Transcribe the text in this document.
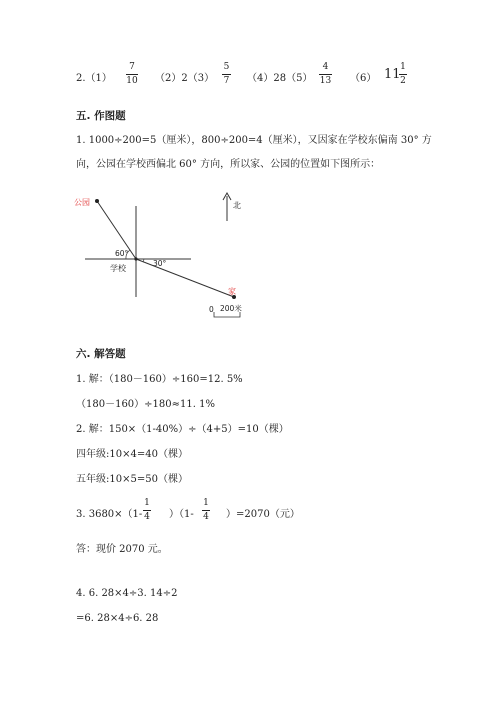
2.（1）
7
10 （2）2（3）
5
7 （4）28（5）
4
13 （6） 11 1
2
五. 作图题
1. 1000÷200=5（厘米），800÷200=4（厘米），又因家在学校东偏南 30° 方
向，公园在学校西偏北 60° 方向，所以家、公园的位置如下图所示：
公园
60°
30°
学校
家
北
0 200米
六. 解答题
1. 解：（180－160）÷160=12. 5%
（180－160）÷180≈11. 1%
2. 解：150×（1-40%）÷（4+5）=10（棵）
四年级:10×4=40（棵）
五年级:10×5=50（棵）
3. 3680×（1-
1
4 ）（1-
1
4 ）=2070（元）
答：现价 2070 元。
4. 6. 28×4÷3. 14÷2
=6. 28×4÷6. 28
